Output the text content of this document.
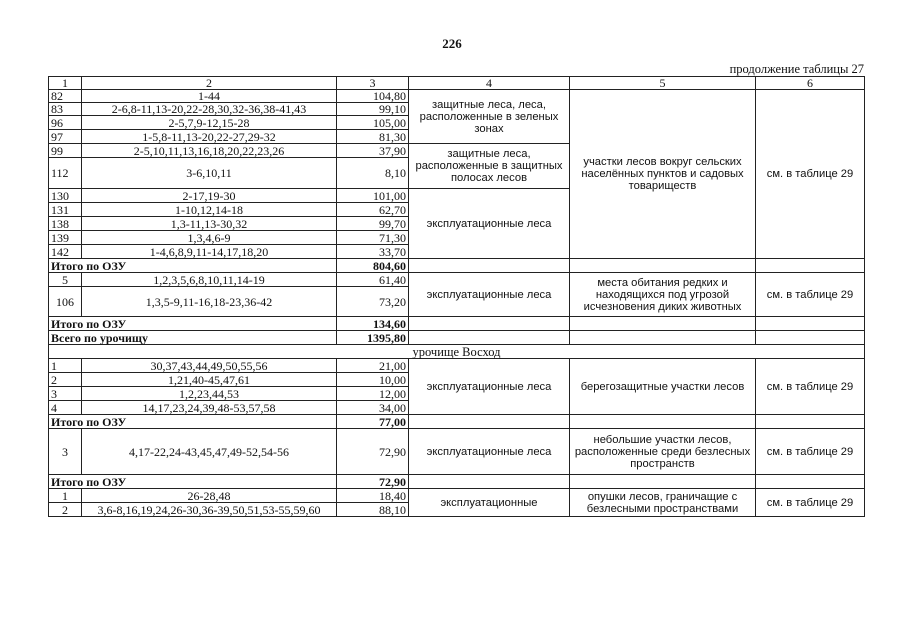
226
продолжение таблицы 27
1	2	3	4	5	6
82	1-44	104,80	защитные леса, леса, расположенные в зеленых зонах	участки лесов вокруг сельских населённых пунктов и садовых товариществ	см. в таблице 29
83	2-6,8-11,13-20,22-28,30,32-36,38-41,43	99,10			
96	2-5,7,9-12,15-28	105,00			
97	1-5,8-11,13-20,22-27,29-32	81,30			
99	2-5,10,11,13,16,18,20,22,23,26	37,90	защитные леса, расположенные в защитных полосах лесов		
112	3-6,10,11	8,10			
130	2-17,19-30	101,00	эксплуатационные леса		
131	1-10,12,14-18	62,70			
138	1,3-11,13-30,32	99,70			
139	1,3,4,6-9	71,30			
142	1-4,6,8,9,11-14,17,18,20	33,70			
Итого по ОЗУ		804,60			
5	1,2,3,5,6,8,10,11,14-19	61,40	эксплуатационные леса	места обитания редких и находящихся под угрозой исчезновения диких животных	см. в таблице 29
106	1,3,5-9,11-16,18-23,36-42	73,20			
Итого по ОЗУ		134,60			
Всего по урочищу		1395,80			
урочище Восход					
1	30,37,43,44,49,50,55,56	21,00	эксплуатационные леса	берегозащитные участки лесов	см. в таблице 29
2	1,21,40-45,47,61	10,00			
3	1,2,23,44,53	12,00			
4	14,17,23,24,39,48-53,57,58	34,00			
Итого по ОЗУ		77,00			
3	4,17-22,24-43,45,47,49-52,54-56	72,90	эксплуатационные леса	небольшие участки лесов, расположенные среди безлесных пространств	см. в таблице 29
Итого по ОЗУ		72,90			
1	26-28,48	18,40	эксплуатационные	опушки лесов, граничащие с безлесными пространствами	см. в таблице 29
2	3,6-8,16,19,24,26-30,36-39,50,51,53-55,59,60	88,10			
